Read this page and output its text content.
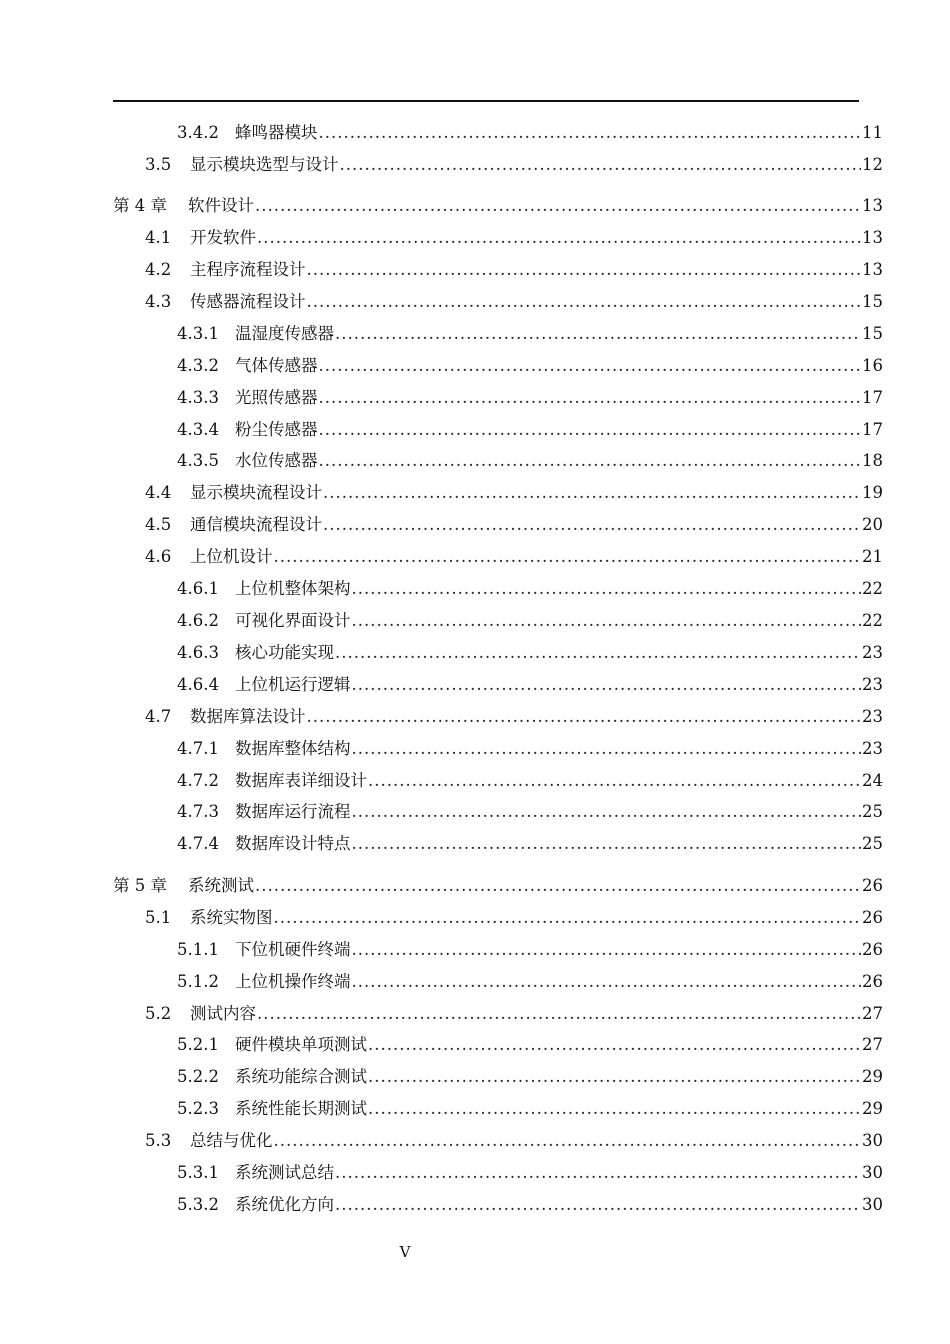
3.4.2 蜂鸣器模块 .....	11
3.5	显示模块选型与设计 .....	12
第 4 章	软件设计 .....	13
4.1	开发软件 .....	13
4.2	主程序流程设计 .....	13
4.3	传感器流程设计 .....	15
4.3.1 温湿度传感器 .....	15
4.3.2 气体传感器 .....	16
4.3.3 光照传感器 .....	17
4.3.4 粉尘传感器 .....	17
4.3.5 水位传感器 .....	18
4.4	显示模块流程设计 .....	19
4.5	通信模块流程设计 .....	20
4.6	上位机设计 .....	21
4.6.1 上位机整体架构 .....	22
4.6.2 可视化界面设计 .....	22
4.6.3 核心功能实现 .....	23
4.6.4 上位机运行逻辑 .....	23
4.7	数据库算法设计 .....	23
4.7.1 数据库整体结构 .....	23
4.7.2 数据库表详细设计 .....	24
4.7.3 数据库运行流程 .....	25
4.7.4 数据库设计特点 .....	25
第 5 章	系统测试 .....	26
5.1	系统实物图 .....	26
5.1.1 下位机硬件终端 .....	26
5.1.2 上位机操作终端 .....	26
5.2	测试内容 .....	27
5.2.1 硬件模块单项测试 .....	27
5.2.2 系统功能综合测试 .....	29
5.2.3 系统性能长期测试 .....	29
5.3	总结与优化 .....	30
5.3.1 系统测试总结 .....	30
5.3.2 系统优化方向 .....	30
V
